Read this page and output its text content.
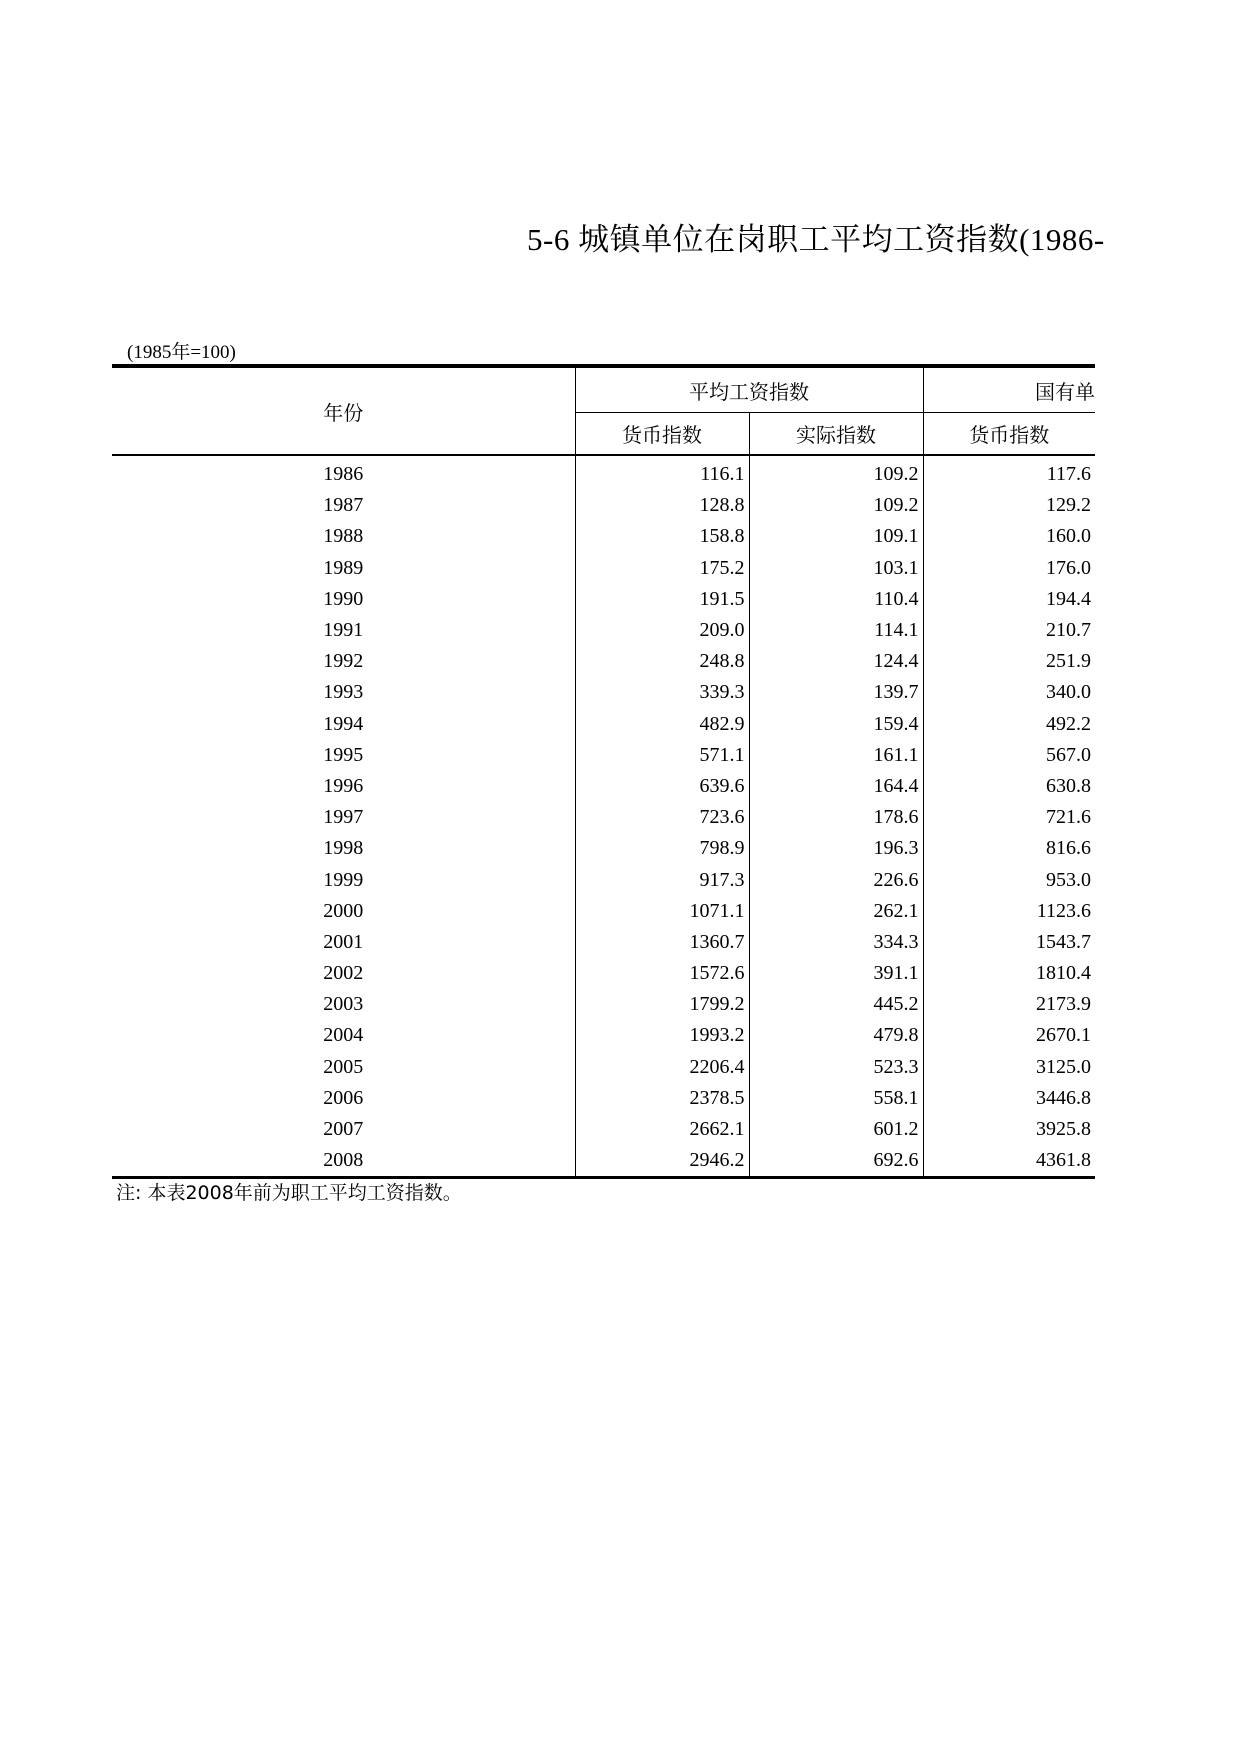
5-6 城镇单位在岗职工平均工资指数(1986-
(1985年=100)
年份	平均工资指数		国有单
	货币指数	实际指数	货币指数
1986	116.1	109.2	117.6
1987	128.8	109.2	129.2
1988	158.8	109.1	160.0
1989	175.2	103.1	176.0
1990	191.5	110.4	194.4
1991	209.0	114.1	210.7
1992	248.8	124.4	251.9
1993	339.3	139.7	340.0
1994	482.9	159.4	492.2
1995	571.1	161.1	567.0
1996	639.6	164.4	630.8
1997	723.6	178.6	721.6
1998	798.9	196.3	816.6
1999	917.3	226.6	953.0
2000	1071.1	262.1	1123.6
2001	1360.7	334.3	1543.7
2002	1572.6	391.1	1810.4
2003	1799.2	445.2	2173.9
2004	1993.2	479.8	2670.1
2005	2206.4	523.3	3125.0
2006	2378.5	558.1	3446.8
2007	2662.1	601.2	3925.8
2008	2946.2	692.6	4361.8
注: 本表2008年前为职工平均工资指数。
